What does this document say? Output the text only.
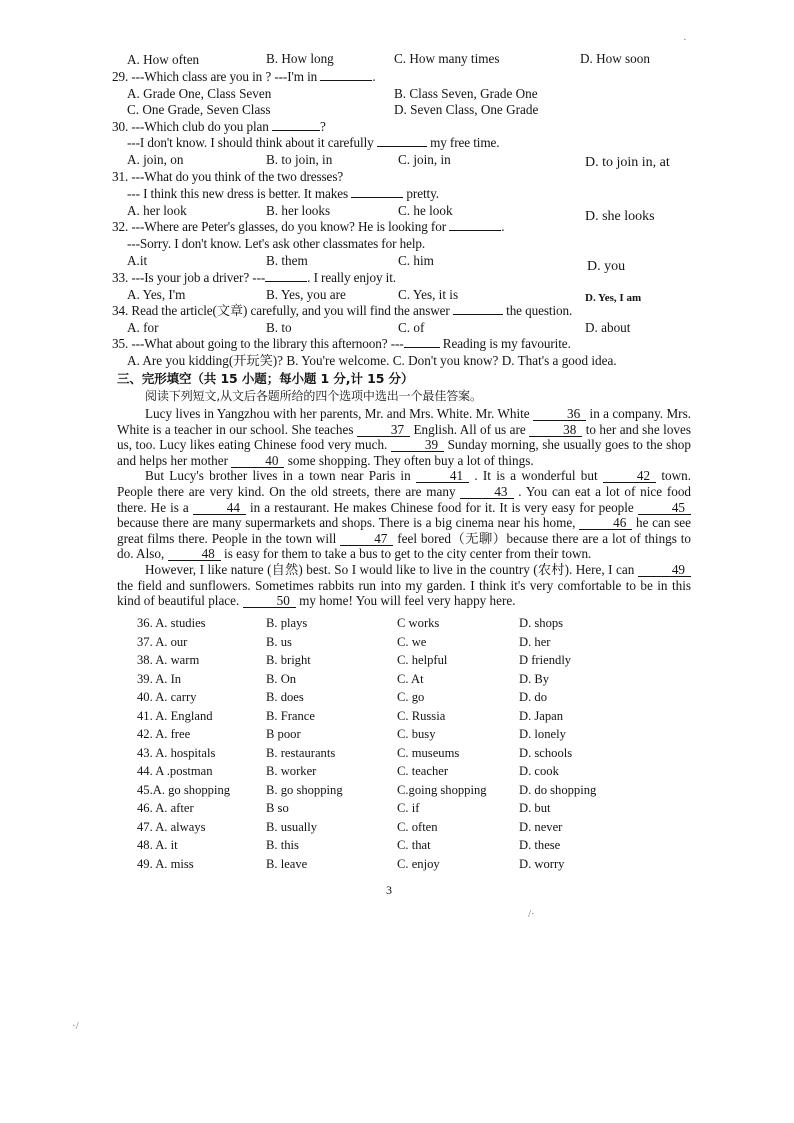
A. How often	B. How long	C. How many times	D. How soon
29. ---Which class are you in ? ---I'm in	.
A. Grade One, Class Seven	B. Class Seven, Grade One
C. One Grade, Seven Class	D. Seven Class, One Grade
30. ---Which club do you plan	?
---I don't know. I should think about it carefully	my free time.
A. join, on	B. to join, in	C. join, in	D. to join in, at
31. ---What do you think of the two dresses?
--- I think this new dress is better. It makes	pretty.
A. her look	B. her looks	C. he look	D. she looks
32. ---Where are Peter's glasses, do you know? He is looking for	.
---Sorry. I don't know. Let's ask other classmates for help.
A.it	B. them	C. him	D. you
33. ---Is your job a driver? ---	. I really enjoy it.
A. Yes, I'm	B. Yes, you are	C. Yes, it is	D. Yes, I am
34. Read the article(文章) carefully, and you will find the answer	the question.
A. for	B. to	C. of	D. about
35. ---What about going to the library this afternoon? ---	Reading is my favourite.
A. Are you kidding(开玩笑)? B. You're welcome. C. Don't you know? D. That's a good idea.
三、完形填空（共 15 小题；每小题 1 分,计 15 分）
阅读下列短文,从文后各题所给的四个选项中选出一个最佳答案。

Lucy lives in Yangzhou with her parents, Mr. and Mrs. White. Mr. White	36 in a company. Mrs. White is a teacher in our school. She teaches	37 English. All of us are	38 to her and she loves us, too. Lucy likes eating Chinese food very much.	39 Sunday morning, she usually goes to the shop and helps her mother	40 some shopping. They often buy a lot of things.

But Lucy's brother lives in a town near Paris in	41 . It is a wonderful but	42 town. People there are very kind. On the old streets, there are many	43 . You can eat a lot of nice food there. He is a	44 in a restaurant. He makes Chinese food for it. It is very easy for people	45 because there are many supermarkets and shops. There is a big cinema near his home,	46 he can see great films there. People in the town will	47 feel bored（无聊）because there are a lot of things to do. Also,	48 is easy for them to take a bus to get to the city center from their town.

However, I like nature (自然) best. So I would like to live in the country (农村). Here, I can	49 the field and sunflowers. Sometimes rabbits run into my garden. I think it's very comfortable to be in this kind of beautiful place.	50 my home! You will feel very happy here.

36. A. studies	B. plays	C works	D. shops
37. A. our	B. us	C. we	D. her
38. A. warm	B. bright	C. helpful	D friendly
39. A. In	B. On	C. At	D. By
40. A. carry	B. does	C. go	D. do
41. A. England	B. France	C. Russia	D. Japan
42. A. free	B poor	C. busy	D. lonely
43. A. hospitals	B. restaurants	C. museums	D. schools
44. A .postman	B. worker	C. teacher	D. cook
45.A. go shopping	B. go shopping	C.going shopping	D. do shopping
46. A. after	B so	C. if	D. but
47. A. always	B. usually	C. often	D. never
48. A. it	B. this	C. that	D. these
49. A. miss	B. leave	C. enjoy	D. worry
3
·
/·
·/
